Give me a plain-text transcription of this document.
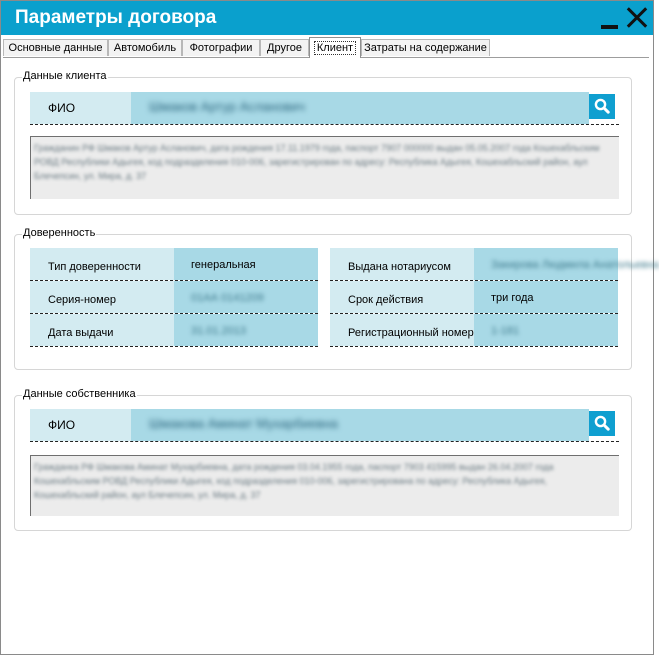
Параметры договора
Основные данные	Автомобиль	Фотографии	Другое	Клиент	Затраты на содержание
Данные клиента
ФИО	Шмаков Артур Асланович
Гражданин РФ Шмаков Артур Асланович, дата рождения 17.11.1979 года, паспорт 7907 000000 выдан 05.05.2007 года Кошехабльским РОВД Республики Адыгея, код подразделения 010-006, зарегистрирован по адресу: Республика Адыгея, Кошехабльский район, аул Блечепсин, ул. Мира, д. 37
Доверенность
Тип доверенности	генеральная
Серия-номер	01АА 0141209
Дата выдачи	31.01.2013
Выдана нотариусом	Закирова Людмила Анатольевна
Срок действия	три года
Регистрационный номер 1-181
Данные собственника
ФИО	Шмакова Аминат Мухарбиевна
Гражданка РФ Шмакова Аминат Мухарбиевна, дата рождения 03.04.1955 года, паспорт 7903 415995 выдан 26.04.2007 года Кошехабльским РОВД Республики Адыгея, код подразделения 010-006, зарегистрирована по адресу: Республика Адыгея, Кошехабльский район, аул Блечепсин, ул. Мира, д. 37
